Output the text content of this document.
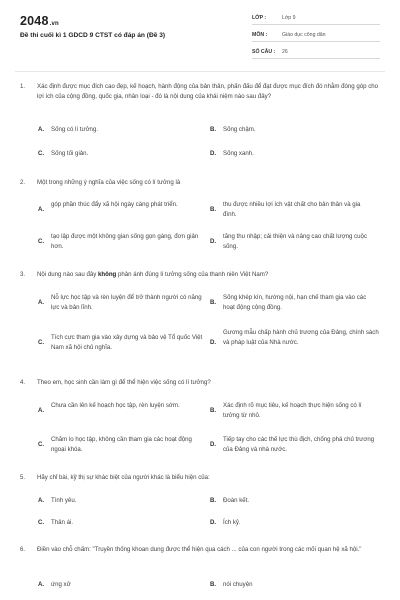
2048.vn
Đề thi cuối kì 1 GDCD 9 CTST có đáp án (Đề 3)
LỚP :	Lớp 9
MÔN :	Giáo dục công dân
SỐ CÂU :	26
1.	Xác định được mục đích cao đẹp, kế hoạch, hành động của bản thân, phấn đấu để đạt được mục đích đó nhằm đóng góp cho lợi ích của cộng đồng, quốc gia, nhân loại - đó là nội dung của khái niệm nào sau đây?
A. Sống có lí tưởng.	B. Sống chậm.
C. Sống tối giản.	D. Sống xanh.
2.	Một trong những ý nghĩa của việc sống có lí tưởng là
A.
góp phần thúc đẩy xã hội ngày càng phát triển.
B.
thu được nhiều lợi ích vật chất cho bản thân và gia đình.
C.
tạo lập được một không gian sống gọn gàng, đơn giản hơn.
D.
tăng thu nhập; cải thiện và nâng cao chất lượng cuộc sống.
3.	Nội dung nào sau đây không phản ánh đúng lí tưởng sống của thanh niên Việt Nam?
A.
Nỗ lực học tập và rèn luyện để trở thành người có năng lực và bản lĩnh.
B.
Sống khép kín, hướng nội, hạn chế tham gia vào các hoạt động cộng đồng.
C.
Tích cực tham gia vào xây dựng và bảo vệ Tổ quốc Việt Nam xã hội chủ nghĩa.
D.
Gương mẫu chấp hành chủ trương của Đảng, chính sách và pháp luật của Nhà nước.
4.	Theo em, học sinh cần làm gì để thể hiện việc sống có lí tưởng?
A.
Chưa cần lên kế hoạch học tập, rèn luyện sớm.
B.
Xác định rõ mục tiêu, kế hoạch thực hiện sống có lí tưởng từ nhỏ.
C.
Chăm lo học tập, không cần tham gia các hoạt động ngoại khóa.
D.
Tiếp tay cho các thế lực thù địch, chống phá chủ trương của Đảng và nhà nước.
5.	Hãy chỉ bài, kỹ thị sự khác biệt của người khác là biểu hiện của:
A. Tình yêu.	B. Đoàn kết.
C. Thân ái.	D. Ích kỷ.
6.	Điền vào chỗ chấm: "Truyền thống khoan dung được thể hiện qua cách ... của con người trong các mối quan hệ xã hội."
A. ứng xử	B. nói chuyện
